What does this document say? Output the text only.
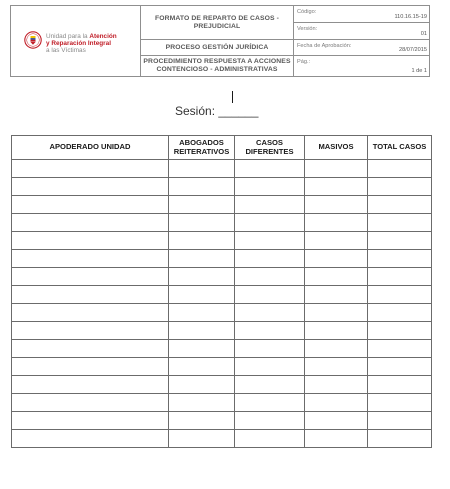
Unidad para la Atención
y Reparación Integral
a las Víctimas
FORMATO DE REPARTO DE CASOS - PREJUDICIAL
PROCESO GESTIÓN JURÍDICA
PROCEDIMIENTO RESPUESTA A ACCIONES CONTENCIOSO - ADMINISTRATIVAS
Código:
110.16.15-19
Versión:
01
Fecha de Aprobación:
28/07/2015
Pág.:
1 de 1
Sesión: ______
APODERADO UNIDAD	ABOGADOS REITERATIVOS	CASOS DIFERENTES	MASIVOS	TOTAL CASOS
